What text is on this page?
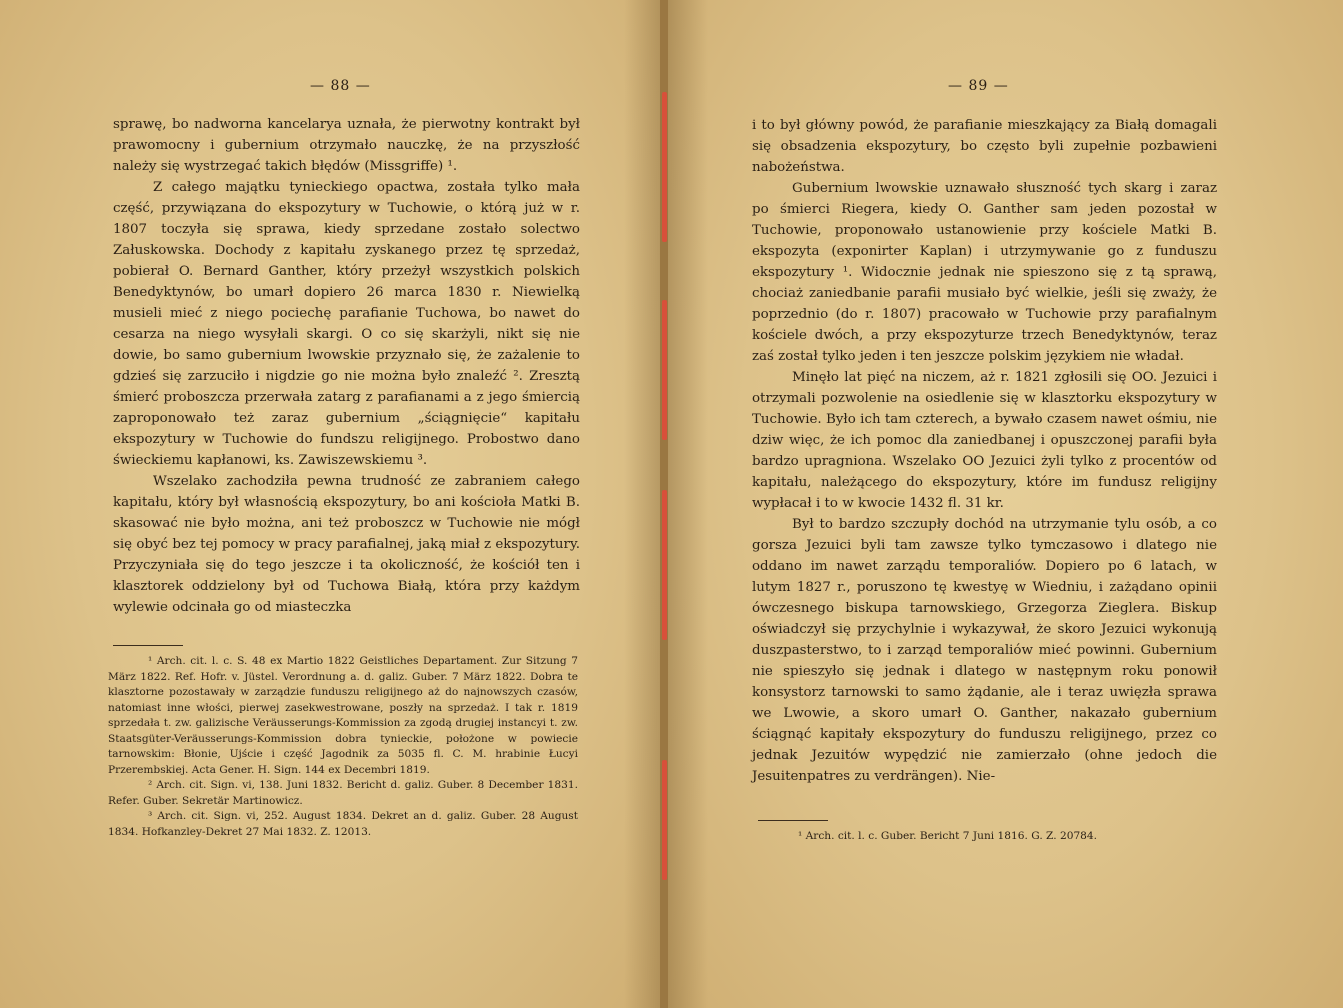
— 88 —

sprawę, bo nadworna kancelarya uznała, że pierwotny kontrakt był prawomocny i gubernium otrzymało nauczkę, że na przyszłość należy się wystrzegać takich błędów (Missgriffe) ¹.

Z całego majątku tynieckiego opactwa, została tylko mała część, przywiązana do ekspozytury w Tuchowie, o którą już w r. 1807 toczyła się sprawa, kiedy sprzedane zostało solectwo Załuskowska. Dochody z kapitału zyskanego przez tę sprzedaż, pobierał O. Bernard Ganther, który przeżył wszystkich polskich Benedyktynów, bo umarł dopiero 26 marca 1830 r. Niewielką musieli mieć z niego pociechę parafianie Tuchowa, bo nawet do cesarza na niego wysyłali skargi. O co się skarżyli, nikt się nie dowie, bo samo gubernium lwowskie przyznało się, że zażalenie to gdzieś się zarzuciło i nigdzie go nie można było znaleźć ². Zresztą śmierć proboszcza przerwała zatarg z parafianami a z jego śmiercią zaproponowało też zaraz gubernium „ściągnięcie“ kapitału ekspozytury w Tuchowie do fundszu religijnego. Probostwo dano świeckiemu kapłanowi, ks. Zawiszewskiemu ³.

Wszelako zachodziła pewna trudność ze zabraniem całego kapitału, który był własnością ekspozytury, bo ani kościoła Matki B. skasować nie było można, ani też proboszcz w Tuchowie nie mógł się obyć bez tej pomocy w pracy parafialnej, jaką miał z ekspozytury. Przyczyniała się do tego jeszcze i ta okoliczność, że kościół ten i klasztorek oddzielony był od Tuchowa Białą, która przy każdym wylewie odcinała go od miasteczka

¹ Arch. cit. l. c. S. 48 ex Martio 1822 Geistliches Departament. Zur Sitzung 7 März 1822. Ref. Hofr. v. Jüstel. Verordnung a. d. galiz. Guber. 7 März 1822. Dobra te klasztorne pozostawały w zarządzie funduszu religijnego aż do najnowszych czasów, natomiast inne włości, pierwej zasekwestrowane, poszły na sprzedaż. I tak r. 1819 sprzedała t. zw. galizische Veräusserungs-Kommission za zgodą drugiej instancyi t. zw. Staatsgüter-Veräusserungs-Kommission dobra tynieckie, położone w powiecie tarnowskim: Błonie, Ujście i część Jagodnik za 5035 fl. C. M. hrabinie Łucyi Przerembskiej. Acta Gener. H. Sign. 144 ex Decembri 1819.

² Arch. cit. Sign. vi, 138. Juni 1832. Bericht d. galiz. Guber. 8 December 1831. Refer. Guber. Sekretär Martinowicz.

³ Arch. cit. Sign. vi, 252. August 1834. Dekret an d. galiz. Guber. 28 August 1834. Hofkanzley-Dekret 27 Mai 1832. Z. 12013.

— 89 —

i to był główny powód, że parafianie mieszkający za Białą domagali się obsadzenia ekspozytury, bo często byli zupełnie pozbawieni nabożeństwa.

Gubernium lwowskie uznawało słuszność tych skarg i zaraz po śmierci Riegera, kiedy O. Ganther sam jeden pozostał w Tuchowie, proponowało ustanowienie przy kościele Matki B. ekspozyta (exponirter Kaplan) i utrzymywanie go z funduszu ekspozytury ¹. Widocznie jednak nie spieszono się z tą sprawą, chociaż zaniedbanie parafii musiało być wielkie, jeśli się zważy, że poprzednio (do r. 1807) pracowało w Tuchowie przy parafialnym kościele dwóch, a przy ekspozyturze trzech Benedyktynów, teraz zaś został tylko jeden i ten jeszcze polskim językiem nie władał.

Minęło lat pięć na niczem, aż r. 1821 zgłosili się OO. Jezuici i otrzymali pozwolenie na osiedlenie się w klasztorku ekspozytury w Tuchowie. Było ich tam czterech, a bywało czasem nawet ośmiu, nie dziw więc, że ich pomoc dla zaniedbanej i opuszczonej parafii była bardzo upragniona. Wszelako OO Jezuici żyli tylko z procentów od kapitału, należącego do ekspozytury, które im fundusz religijny wypłacał i to w kwocie 1432 fl. 31 kr.

Był to bardzo szczupły dochód na utrzymanie tylu osób, a co gorsza Jezuici byli tam zawsze tylko tymczasowo i dlatego nie oddano im nawet zarządu temporaliów. Dopiero po 6 latach, w lutym 1827 r., poruszono tę kwestyę w Wiedniu, i zażądano opinii ówczesnego biskupa tarnowskiego, Grzegorza Zieglera. Biskup oświadczył się przychylnie i wykazywał, że skoro Jezuici wykonują duszpasterstwo, to i zarząd temporaliów mieć powinni. Gubernium nie spieszyło się jednak i dlatego w następnym roku ponowił konsystorz tarnowski to samo żądanie, ale i teraz uwięzła sprawa we Lwowie, a skoro umarł O. Ganther, nakazało gubernium ściągnąć kapitały ekspozytury do funduszu religijnego, przez co jednak Jezuitów wypędzić nie zamierzało (ohne jedoch die Jesuitenpatres zu verdrängen). Nie-

¹ Arch. cit. l. c. Guber. Bericht 7 Juni 1816. G. Z. 20784.
